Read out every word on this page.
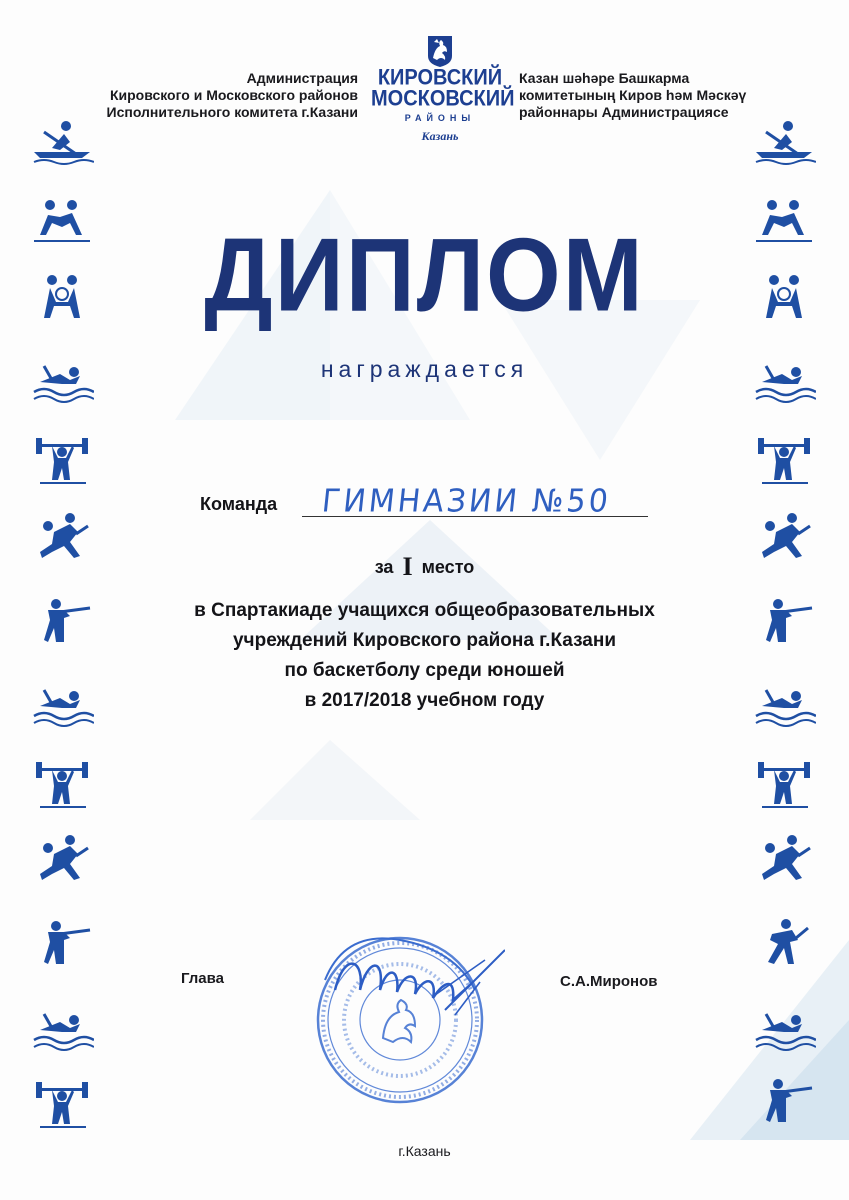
Администрация
Кировского и Московского районов
Исполнительного комитета г.Казани
КИРОВСКИЙ
МОСКОВСКИЙ
РАЙОНЫ
Казань
Казан шәһәре Башкарма
комитетының Киров һәм Мәскәү
районнары Администрациясе
ДИПЛОМ
награждается
Команда ГИМНАЗИИ №50
за I место
в Спартакиаде учащихся общеобразовательных
учреждений Кировского района г.Казани
по баскетболу среди юношей
в 2017/2018 учебном году
Глава	С.А.Миронов
г.Казань
